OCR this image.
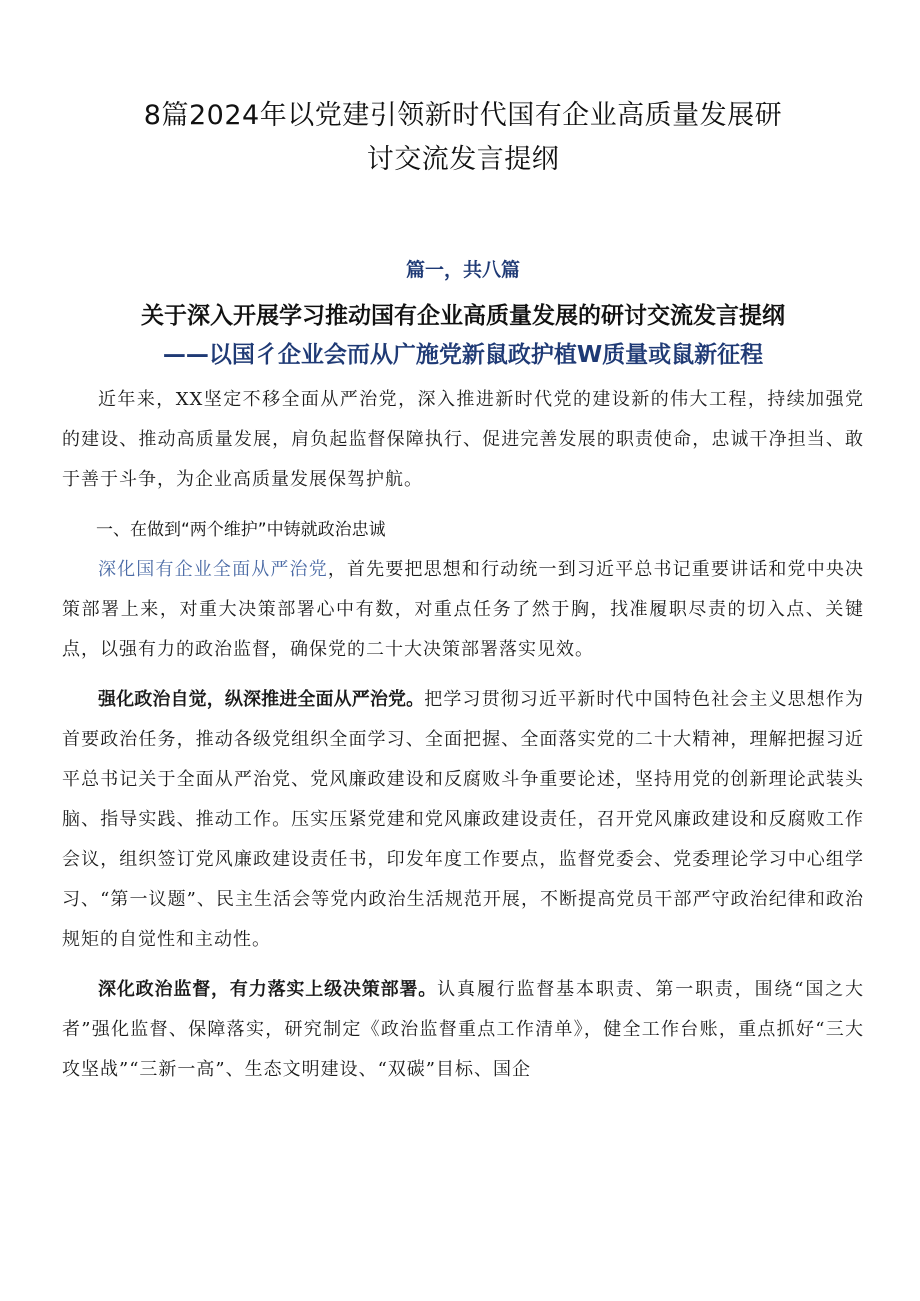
8篇2024年以党建引领新时代国有企业高质量发展研
讨交流发言提纲
篇一，共八篇
关于深入开展学习推动国有企业高质量发展的研讨交流发言提纲
——以国彳企业会而从广施党新鼠政护植W质量或鼠新征程

近年来，XX坚定不移全面从严治党，深入推进新时代党的建设新的伟大工程，持续加强党的建设、推动高质量发展，肩负起监督保障执行、促进完善发展的职责使命，忠诚干净担当、敢于善于斗争，为企业高质量发展保驾护航。

一、在做到“两个维护”中铸就政治忠诚

深化国有企业全面从严治党，首先要把思想和行动统一到习近平总书记重要讲话和党中央决策部署上来，对重大决策部署心中有数，对重点任务了然于胸，找准履职尽责的切入点、关键点，以强有力的政治监督，确保党的二十大决策部署落实见效。

强化政治自觉，纵深推进全面从严治党。把学习贯彻习近平新时代中国特色社会主义思想作为首要政治任务，推动各级党组织全面学习、全面把握、全面落实党的二十大精神，理解把握习近平总书记关于全面从严治党、党风廉政建设和反腐败斗争重要论述，坚持用党的创新理论武装头脑、指导实践、推动工作。压实压紧党建和党风廉政建设责任，召开党风廉政建设和反腐败工作会议，组织签订党风廉政建设责任书，印发年度工作要点，监督党委会、党委理论学习中心组学习、“第一议题”、民主生活会等党内政治生活规范开展，不断提高党员干部严守政治纪律和政治规矩的自觉性和主动性。

深化政治监督，有力落实上级决策部署。认真履行监督基本职责、第一职责，围绕“国之大者”强化监督、保障落实，研究制定《政治监督重点工作清单》，健全工作台账，重点抓好“三大攻坚战”“三新一高”、生态文明建设、“双碳”目标、国企
